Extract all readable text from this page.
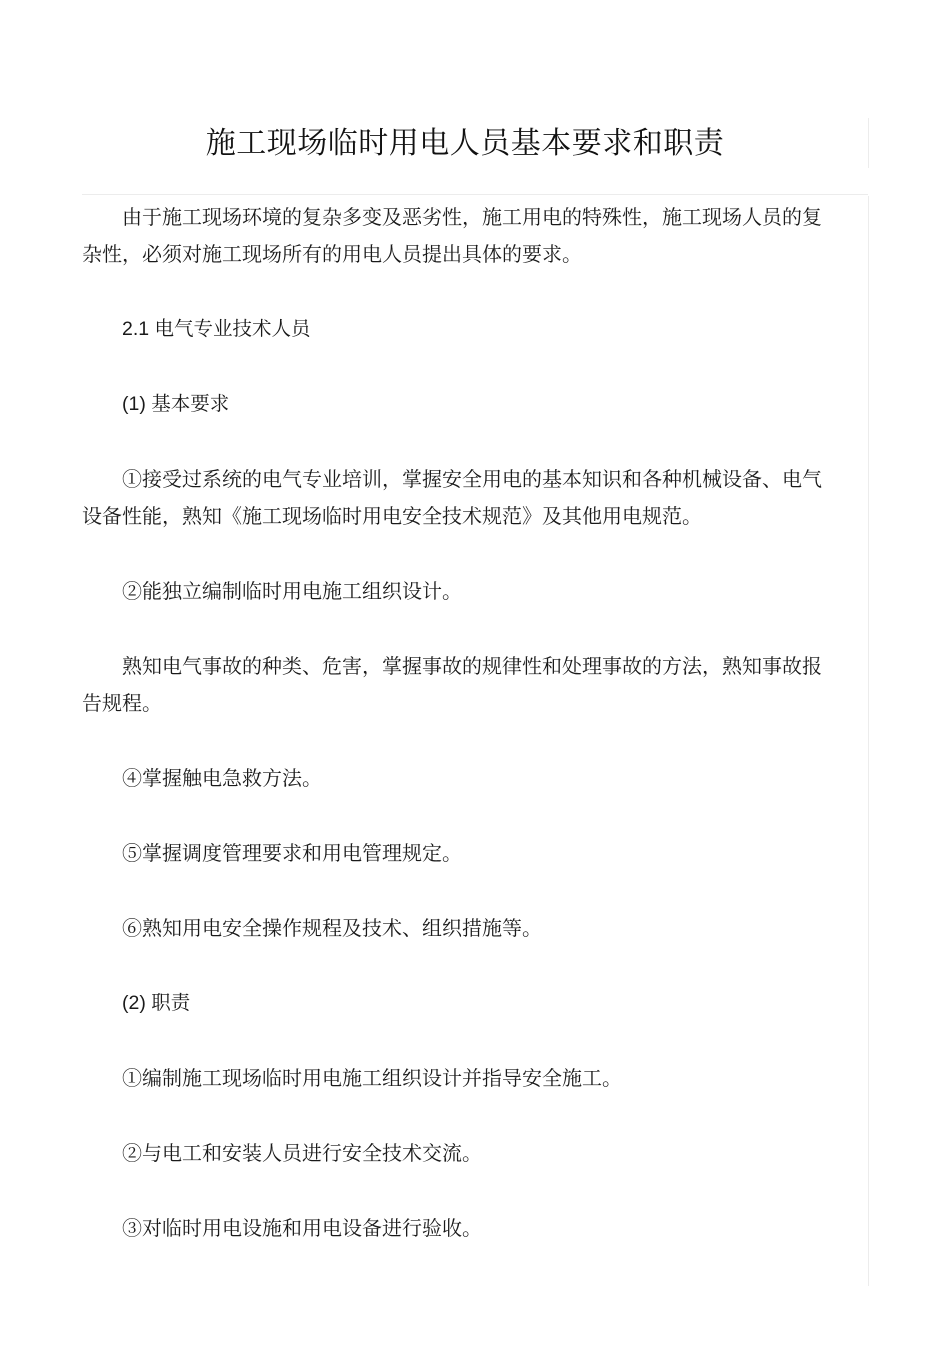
施工现场临时用电人员基本要求和职责

由于施工现场环境的复杂多变及恶劣性，施工用电的特殊性，施工现场人员的复杂性，必须对施工现场所有的用电人员提出具体的要求。

2.1 电气专业技术人员

(1) 基本要求

①接受过系统的电气专业培训，掌握安全用电的基本知识和各种机械设备、电气设备性能，熟知《施工现场临时用电安全技术规范》及其他用电规范。

②能独立编制临时用电施工组织设计。

熟知电气事故的种类、危害，掌握事故的规律性和处理事故的方法，熟知事故报告规程。

④掌握触电急救方法。

⑤掌握调度管理要求和用电管理规定。

⑥熟知用电安全操作规程及技术、组织措施等。

(2) 职责

①编制施工现场临时用电施工组织设计并指导安全施工。

②与电工和安装人员进行安全技术交流。

③对临时用电设施和用电设备进行验收。
